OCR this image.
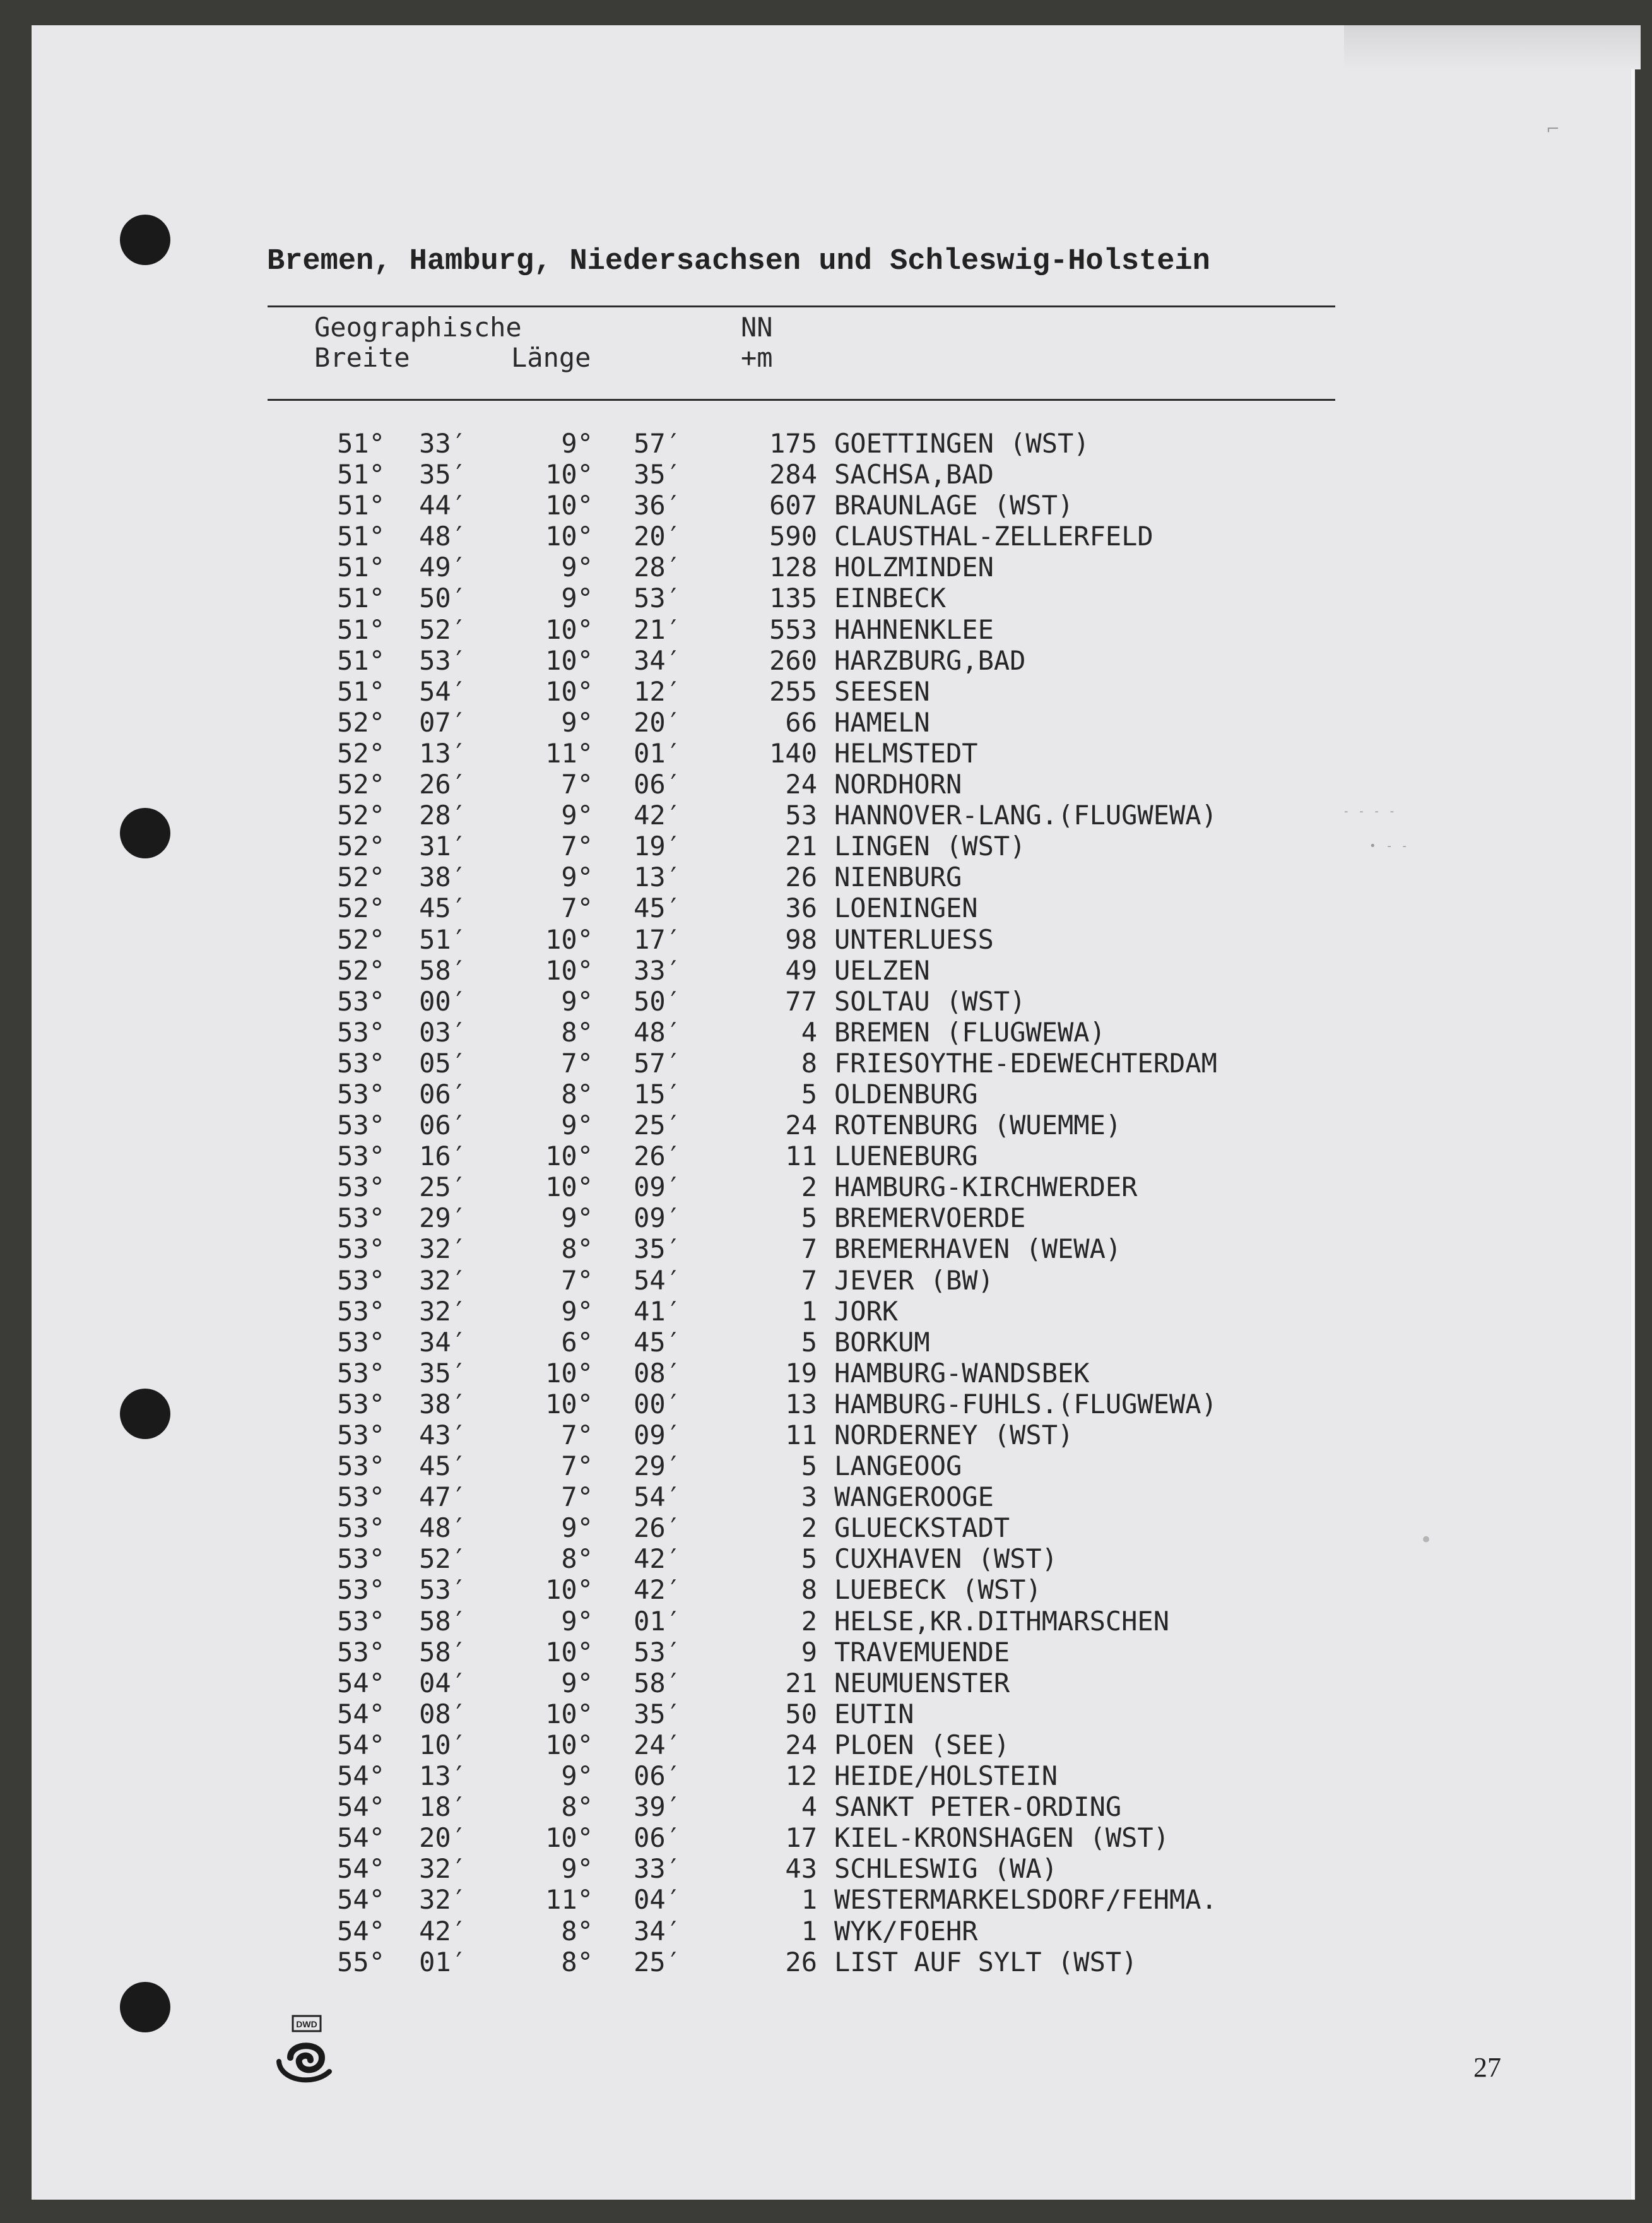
Bremen, Hamburg, Niedersachsen und Schleswig-Holstein
Geographische
Breite	Länge
NN
+m
51°	33′	9°	57′	175 GOETTINGEN (WST)
51°	35′	10°	35′	284 SACHSA,BAD
51°	44′	10°	36′	607 BRAUNLAGE (WST)
51°	48′	10°	20′	590 CLAUSTHAL-ZELLERFELD
51°	49′	9°	28′	128 HOLZMINDEN
51°	50′	9°	53′	135 EINBECK
51°	52′	10°	21′	553 HAHNENKLEE
51°	53′	10°	34′	260 HARZBURG,BAD
51°	54′	10°	12′	255 SEESEN
52°	07′	9°	20′	66 HAMELN
52°	13′	11°	01′	140 HELMSTEDT
52°	26′	7°	06′	24 NORDHORN
52°	28′	9°	42′	53 HANNOVER-LANG.(FLUGWEWA)
52°	31′	7°	19′	21 LINGEN (WST)
52°	38′	9°	13′	26 NIENBURG
52°	45′	7°	45′	36 LOENINGEN
52°	51′	10°	17′	98 UNTERLUESS
52°	58′	10°	33′	49 UELZEN
53°	00′	9°	50′	77 SOLTAU (WST)
53°	03′	8°	48′	4 BREMEN (FLUGWEWA)
53°	05′	7°	57′	8 FRIESOYTHE-EDEWECHTERDAM
53°	06′	8°	15′	5 OLDENBURG
53°	06′	9°	25′	24 ROTENBURG (WUEMME)
53°	16′	10°	26′	11 LUENEBURG
53°	25′	10°	09′	2 HAMBURG-KIRCHWERDER
53°	29′	9°	09′	5 BREMERVOERDE
53°	32′	8°	35′	7 BREMERHAVEN (WEWA)
53°	32′	7°	54′	7 JEVER (BW)
53°	32′	9°	41′	1 JORK
53°	34′	6°	45′	5 BORKUM
53°	35′	10°	08′	19 HAMBURG-WANDSBEK
53°	38′	10°	00′	13 HAMBURG-FUHLS.(FLUGWEWA)
53°	43′	7°	09′	11 NORDERNEY (WST)
53°	45′	7°	29′	5 LANGEOOG
53°	47′	7°	54′	3 WANGEROOGE
53°	48′	9°	26′	2 GLUECKSTADT
53°	52′	8°	42′	5 CUXHAVEN (WST)
53°	53′	10°	42′	8 LUEBECK (WST)
53°	58′	9°	01′	2 HELSE,KR.DITHMARSCHEN
53°	58′	10°	53′	9 TRAVEMUENDE
54°	04′	9°	58′	21 NEUMUENSTER
54°	08′	10°	35′	50 EUTIN
54°	10′	10°	24′	24 PLOEN (SEE)
54°	13′	9°	06′	12 HEIDE/HOLSTEIN
54°	18′	8°	39′	4 SANKT PETER-ORDING
54°	20′	10°	06′	17 KIEL-KRONSHAGEN (WST)
54°	32′	9°	33′	43 SCHLESWIG (WA)
54°	32′	11°	04′	1 WESTERMARKELSDORF/FEHMA.
54°	42′	8°	34′	1 WYK/FOEHR
55°	01′	8°	25′	26 LIST AUF SYLT (WST)
DWD
27
⌐
- - - -
• - -
•
